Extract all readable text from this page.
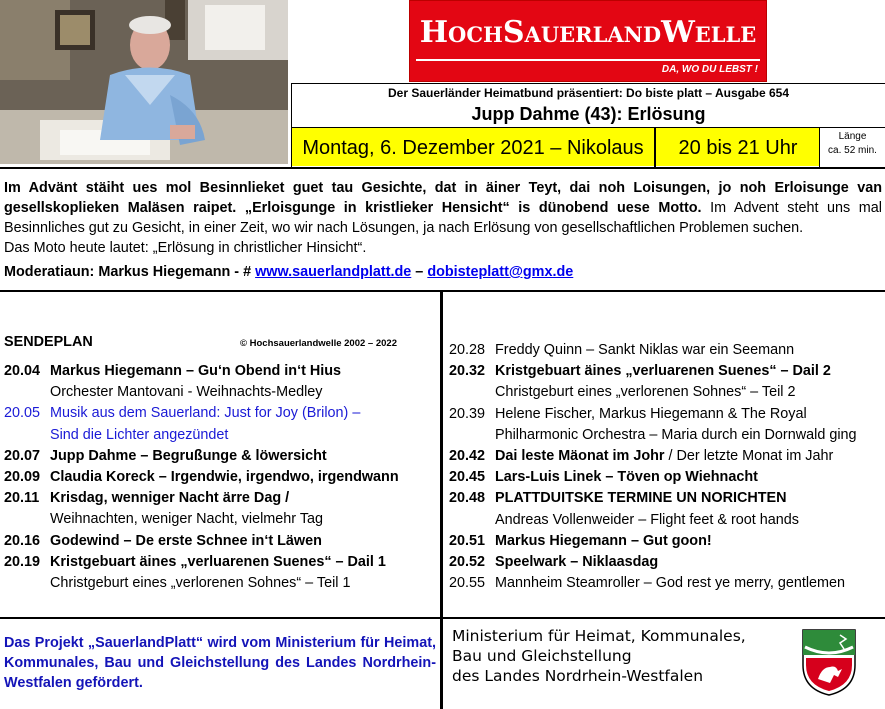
HochSauerlandWelle
DA, WO DU LEBST !
Der Sauerländer Heimatbund präsentiert: Do biste platt – Ausgabe 654
Jupp Dahme (43): Erlösung
Montag, 6. Dezember 2021 – Nikolaus	20 bis 21 Uhr
Länge
ca. 52 min.
Im Advänt stäiht ues mol Besinnlieket guet tau Gesichte, dat in äiner Teyt, dai noh Loisungen, jo noh Erloisunge van gesellskoplieken Maläsen raipet. „Erloisgunge in kristlieker Hensicht“ is dünobend uese Motto. Im Advent steht uns mal Besinnliches gut zu Gesicht, in einer Zeit, wo wir nach Lösungen, ja nach Erlösung von gesellschaftlichen Problemen suchen.
Das Moto heute lautet: „Erlösung in christlicher Hinsicht“.
Moderatiaun: Markus Hiegemann - # www.sauerlandplatt.de – dobisteplatt@gmx.de
SENDEPLAN	© Hochsauerlandwelle 2002 – 2022
20.04 Markus Hiegemann – Gu‘n Obend in‘t Hius
Orchester Mantovani - Weihnachts-Medley
20.05 Musik aus dem Sauerland: Just for Joy (Brilon) –
Sind die Lichter angezündet
20.07 Jupp Dahme – Begrußunge & löwersicht
20.09 Claudia Koreck – Irgendwie, irgendwo, irgendwann
20.11 Krisdag, wenniger Nacht ärre Dag /
Weihnachten, weniger Nacht, vielmehr Tag
20.16 Godewind – De erste Schnee in‘t Läwen
20.19 Kristgebuart äines „verluarenen Suenes“ – Dail 1
Christgeburt eines „verlorenen Sohnes“ – Teil 1
20.28 Freddy Quinn – Sankt Niklas war ein Seemann
20.32 Kristgebuart äines „verluarenen Suenes“ – Dail 2
Christgeburt eines „verlorenen Sohnes“ – Teil 2
20.39 Helene Fischer, Markus Hiegemann & The Royal
Philharmonic Orchestra – Maria durch ein Dornwald ging
20.42 Dai leste Mäonat im Johr / Der letzte Monat im Jahr
20.45 Lars-Luis Linek – Töven op Wiehnacht
20.48 PLATTDUITSKE TERMINE UN NORICHTEN
Andreas Vollenweider – Flight feet & root hands
20.51 Markus Hiegemann – Gut goon!
20.52 Speelwark – Niklaasdag
20.55 Mannheim Steamroller – God rest ye merry, gentlemen
Das Projekt „SauerlandPlatt“ wird vom Ministerium für Heimat, Kommunales, Bau und Gleichstellung des Landes Nordrhein-Westfalen gefördert.
Ministerium für Heimat, Kommunales,
Bau und Gleichstellung
des Landes Nordrhein-Westfalen
